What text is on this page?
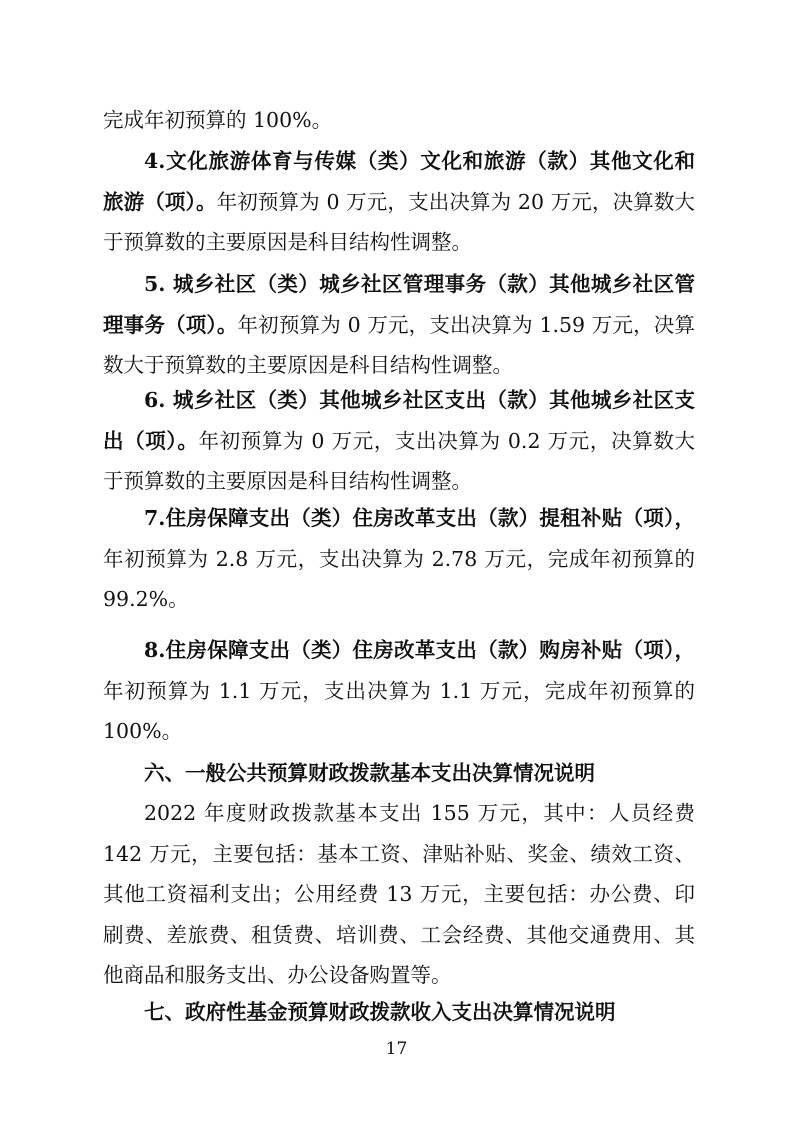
完成年初预算的 100%。

4.文化旅游体育与传媒（类）文化和旅游（款）其他文化和旅游（项）。年初预算为 0 万元，支出决算为 20 万元，决算数大于预算数的主要原因是科目结构性调整。

5. 城乡社区（类）城乡社区管理事务（款）其他城乡社区管理事务（项）。年初预算为 0 万元，支出决算为 1.59 万元，决算数大于预算数的主要原因是科目结构性调整。

6. 城乡社区（类）其他城乡社区支出（款）其他城乡社区支出（项）。年初预算为 0 万元，支出决算为 0.2 万元，决算数大于预算数的主要原因是科目结构性调整。

7.住房保障支出（类）住房改革支出（款）提租补贴（项），年初预算为 2.8 万元，支出决算为 2.78 万元，完成年初预算的 99.2%。

8.住房保障支出（类）住房改革支出（款）购房补贴（项），年初预算为 1.1 万元，支出决算为 1.1 万元，完成年初预算的 100%。

六、一般公共预算财政拨款基本支出决算情况说明

2022 年度财政拨款基本支出 155 万元，其中：人员经费 142 万元，主要包括：基本工资、津贴补贴、奖金、绩效工资、其他工资福利支出；公用经费 13 万元，主要包括：办公费、印刷费、差旅费、租赁费、培训费、工会经费、其他交通费用、其他商品和服务支出、办公设备购置等。

七、政府性基金预算财政拨款收入支出决算情况说明
17
